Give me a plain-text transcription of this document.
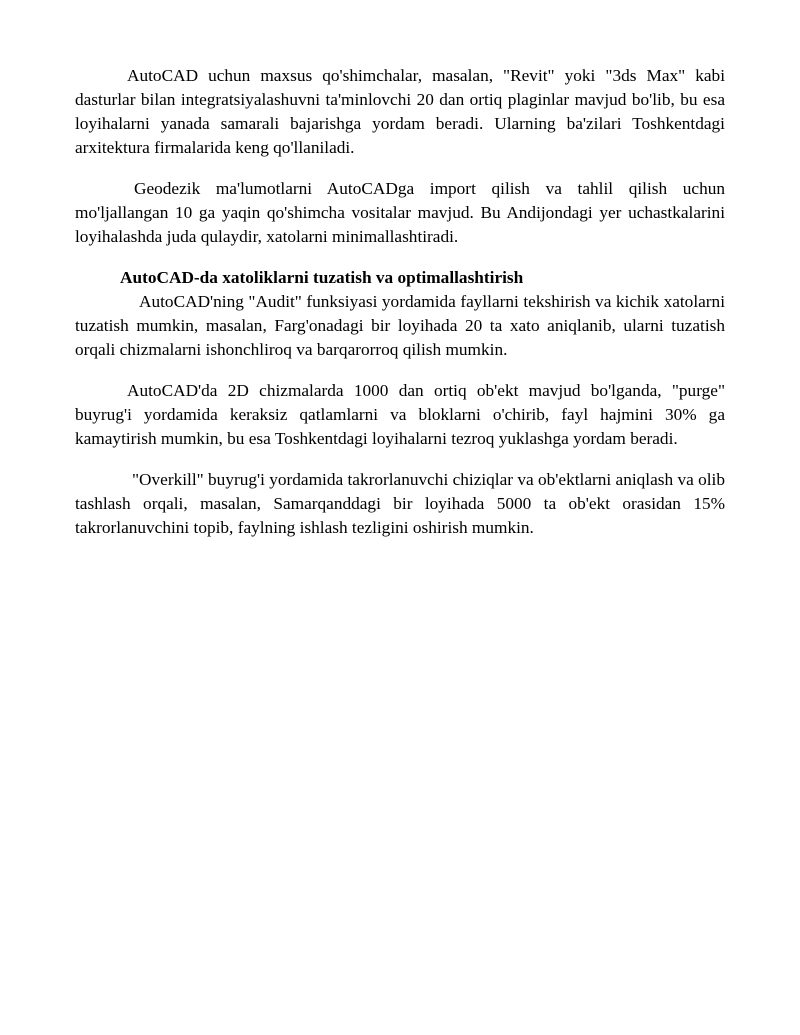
AutoCAD uchun maxsus qo'shimchalar, masalan, "Revit" yoki "3ds Max" kabi dasturlar bilan integratsiyalashuvni ta'minlovchi 20 dan ortiq plaginlar mavjud bo'lib, bu esa loyihalarni yanada samarali bajarishga yordam beradi. Ularning ba'zilari Toshkentdagi arxitektura firmalarida keng qo'llaniladi.

Geodezik ma'lumotlarni AutoCADga import qilish va tahlil qilish uchun mo'ljallangan 10 ga yaqin qo'shimcha vositalar mavjud. Bu Andijondagi yer uchastkalarini loyihalashda juda qulaydir, xatolarni minimallashtiradi.

AutoCAD-da xatoliklarni tuzatish va optimallashtirish

AutoCAD'ning "Audit" funksiyasi yordamida fayllarni tekshirish va kichik xatolarni tuzatish mumkin, masalan, Farg'onadagi bir loyihada 20 ta xato aniqlanib, ularni tuzatish orqali chizmalarni ishonchliroq va barqarorroq qilish mumkin.

AutoCAD'da 2D chizmalarda 1000 dan ortiq ob'ekt mavjud bo'lganda, "purge" buyrug'i yordamida keraksiz qatlamlarni va bloklarni o'chirib, fayl hajmini 30% ga kamaytirish mumkin, bu esa Toshkentdagi loyihalarni tezroq yuklashga yordam beradi.

"Overkill" buyrug'i yordamida takrorlanuvchi chiziqlar va ob'ektlarni aniqlash va olib tashlash orqali, masalan, Samarqanddagi bir loyihada 5000 ta ob'ekt orasidan 15% takrorlanuvchini topib, faylning ishlash tezligini oshirish mumkin.
